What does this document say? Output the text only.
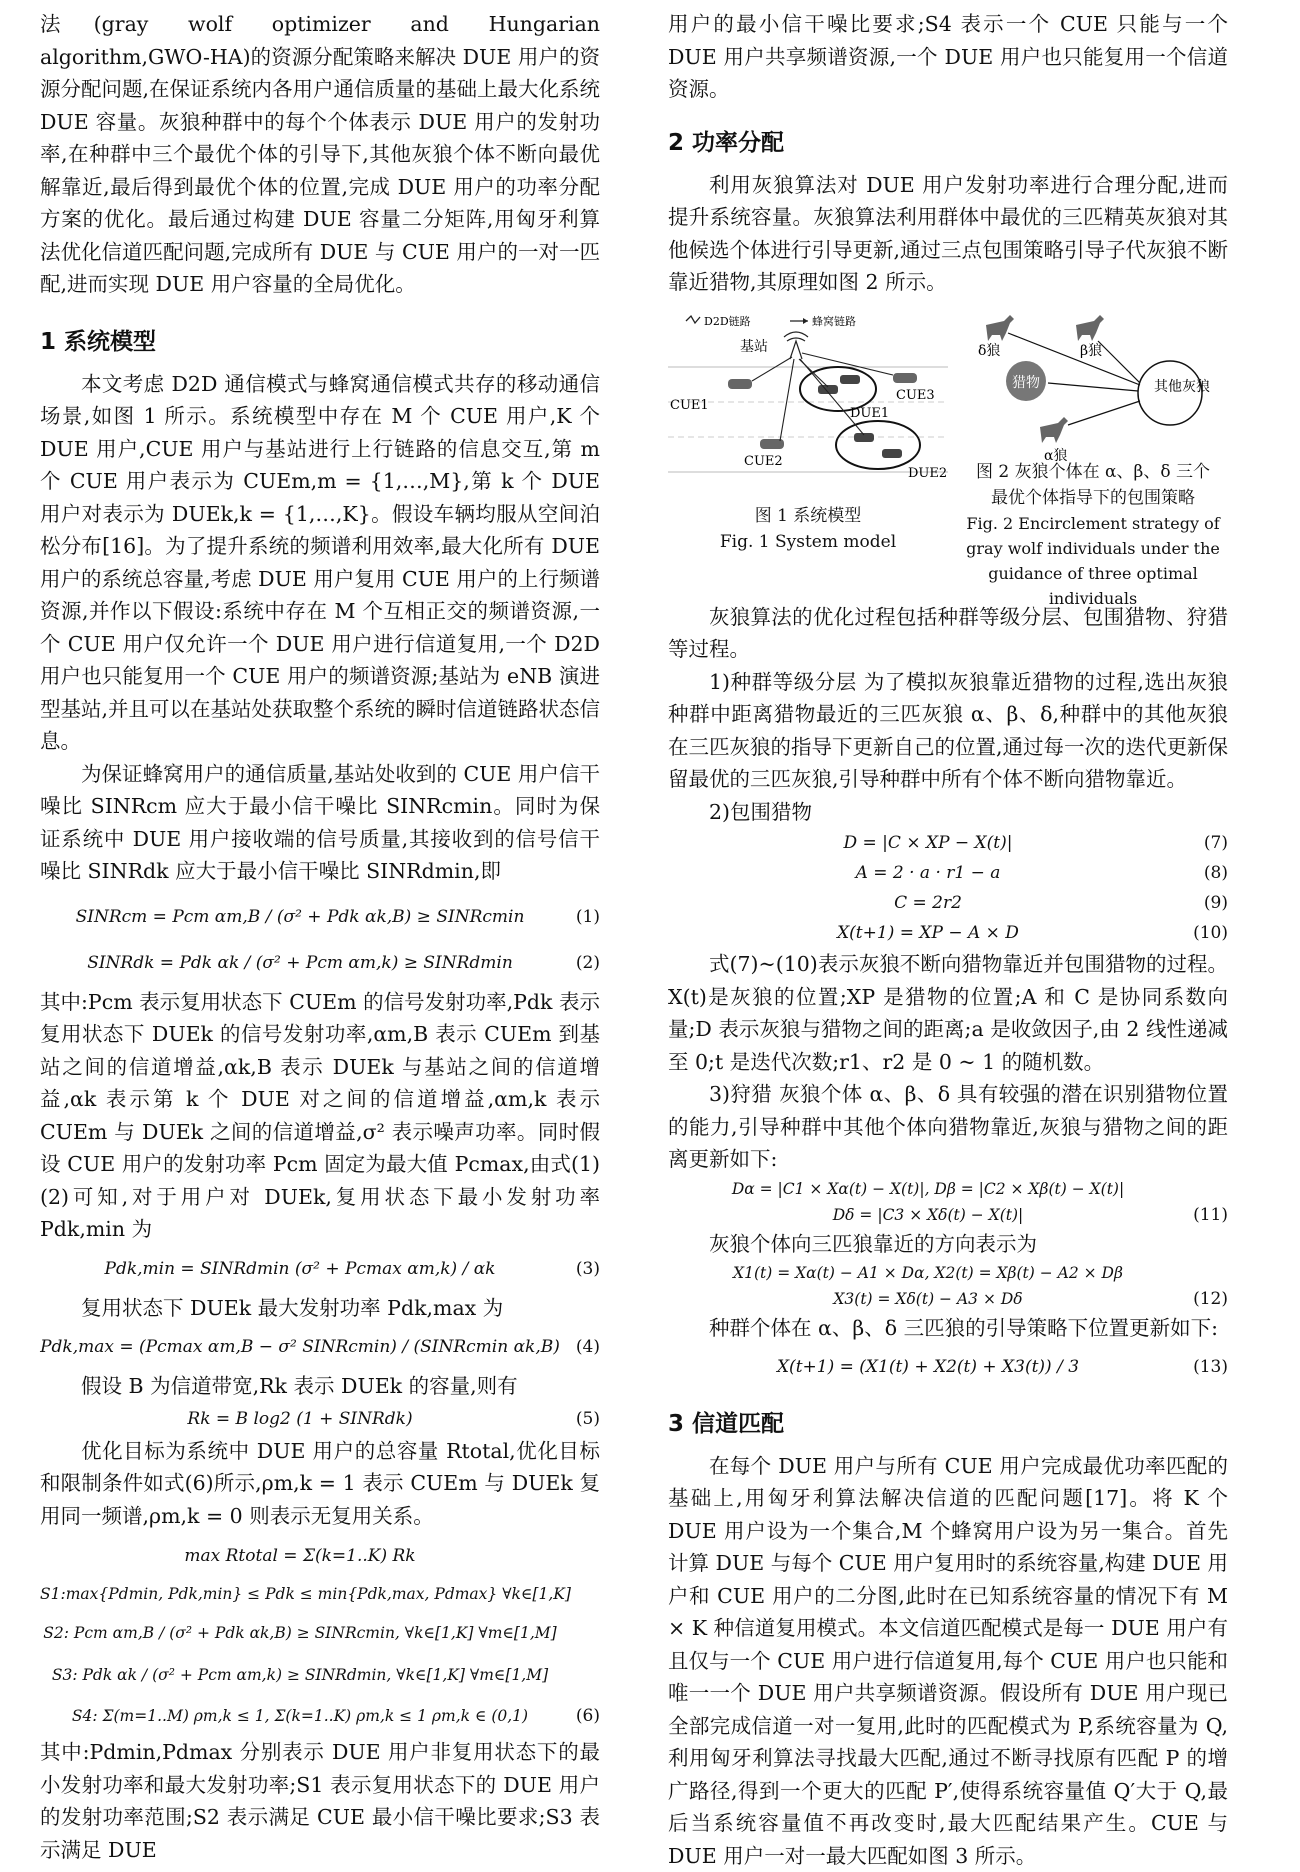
法(gray wolf optimizer and Hungarian algorithm,GWO-HA)的资源分配策略来解决 DUE 用户的资源分配问题,在保证系统内各用户通信质量的基础上最大化系统 DUE 容量。灰狼种群中的每个个体表示 DUE 用户的发射功率,在种群中三个最优个体的引导下,其他灰狼个体不断向最优解靠近,最后得到最优个体的位置,完成 DUE 用户的功率分配方案的优化。最后通过构建 DUE 容量二分矩阵,用匈牙利算法优化信道匹配问题,完成所有 DUE 与 CUE 用户的一对一匹配,进而实现 DUE 用户容量的全局优化。

1 系统模型

本文考虑 D2D 通信模式与蜂窝通信模式共存的移动通信场景,如图 1 所示。系统模型中存在 M 个 CUE 用户,K 个 DUE 用户,CUE 用户与基站进行上行链路的信息交互,第 m 个 CUE 用户表示为 CUEm,m = {1,…,M},第 k 个 DUE 用户对表示为 DUEk,k = {1,…,K}。假设车辆均服从空间泊松分布[16]。为了提升系统的频谱利用效率,最大化所有 DUE 用户的系统总容量,考虑 DUE 用户复用 CUE 用户的上行频谱资源,并作以下假设:系统中存在 M 个互相正交的频谱资源,一个 CUE 用户仅允许一个 DUE 用户进行信道复用,一个 D2D 用户也只能复用一个 CUE 用户的频谱资源;基站为 eNB 演进型基站,并且可以在基站处获取整个系统的瞬时信道链路状态信息。

为保证蜂窝用户的通信质量,基站处收到的 CUE 用户信干噪比 SINRcm 应大于最小信干噪比 SINRcmin。同时为保证系统中 DUE 用户接收端的信号质量,其接收到的信号信干噪比 SINRdk 应大于最小信干噪比 SINRdmin,即

SINRcm = Pcm αm,B / (σ² + Pdk αk,B) ≥ SINRcmin	(1)
SINRdk = Pdk αk / (σ² + Pcm αm,k) ≥ SINRdmin	(2)

其中:Pcm 表示复用状态下 CUEm 的信号发射功率,Pdk 表示复用状态下 DUEk 的信号发射功率,αm,B 表示 CUEm 到基站之间的信道增益,αk,B 表示 DUEk 与基站之间的信道增益,αk 表示第 k 个 DUE 对之间的信道增益,αm,k 表示 CUEm 与 DUEk 之间的信道增益,σ² 表示噪声功率。同时假设 CUE 用户的发射功率 Pcm 固定为最大值 Pcmax,由式(1)(2)可知,对于用户对 DUEk,复用状态下最小发射功率 Pdk,min 为

Pdk,min = SINRdmin (σ² + Pcmax αm,k) / αk	(3)

复用状态下 DUEk 最大发射功率 Pdk,max 为

Pdk,max = (Pcmax αm,B − σ² SINRcmin) / (SINRcmin αk,B) (4)

假设 B 为信道带宽,Rk 表示 DUEk 的容量,则有

Rk = B log2 (1 + SINRdk)	(5)

优化目标为系统中 DUE 用户的总容量 Rtotal,优化目标和限制条件如式(6)所示,ρm,k = 1 表示 CUEm 与 DUEk 复用同一频谱,ρm,k = 0 则表示无复用关系。

max Rtotal = Σ(k=1..K) Rk
S1:max{Pdmin, Pdk,min} ≤ Pdk ≤ min{Pdk,max, Pdmax} ∀k∈[1,K]
S2: Pcm αm,B / (σ² + Pdk αk,B) ≥ SINRcmin, ∀k∈[1,K] ∀m∈[1,M]
S3: Pdk αk / (σ² + Pcm αm,k) ≥ SINRdmin, ∀k∈[1,K] ∀m∈[1,M]
S4: Σ(m=1..M) ρm,k ≤ 1, Σ(k=1..K) ρm,k ≤ 1 ρm,k ∈ (0,1)	(6)

其中:Pdmin,Pdmax 分别表示 DUE 用户非复用状态下的最小发射功率和最大发射功率;S1 表示复用状态下的 DUE 用户的发射功率范围;S2 表示满足 CUE 最小信干噪比要求;S3 表示满足 DUE

用户的最小信干噪比要求;S4 表示一个 CUE 只能与一个 DUE 用户共享频谱资源,一个 DUE 用户也只能复用一个信道资源。

2 功率分配

利用灰狼算法对 DUE 用户发射功率进行合理分配,进而提升系统容量。灰狼算法利用群体中最优的三匹精英灰狼对其他候选个体进行引导更新,通过三点包围策略引导子代灰狼不断靠近猎物,其原理如图 2 所示。

D2D链路	蜂窝链路
基站
CUE1
CUE2
CUE3
DUE1
DUE2
图 1 系统模型
Fig. 1 System model
δ狼	β狼
α狼
猎物	其他灰狼
图 2 灰狼个体在 α、β、δ 三个最优个体指导下的包围策略
Fig. 2 Encirclement strategy of gray wolf individuals under the guidance of three optimal individuals

灰狼算法的优化过程包括种群等级分层、包围猎物、狩猎等过程。

1)种群等级分层 为了模拟灰狼靠近猎物的过程,选出灰狼种群中距离猎物最近的三匹灰狼 α、β、δ,种群中的其他灰狼在三匹灰狼的指导下更新自己的位置,通过每一次的迭代更新保留最优的三匹灰狼,引导种群中所有个体不断向猎物靠近。

2)包围猎物

D = |C × XP − X(t)|	(7)
A = 2 · a · r1 − a	(8)
C = 2r2	(9)
X(t+1) = XP − A × D	(10)

式(7)~(10)表示灰狼不断向猎物靠近并包围猎物的过程。X(t)是灰狼的位置;XP 是猎物的位置;A 和 C 是协同系数向量;D 表示灰狼与猎物之间的距离;a 是收敛因子,由 2 线性递减至 0;t 是迭代次数;r1、r2 是 0 ~ 1 的随机数。

3)狩猎 灰狼个体 α、β、δ 具有较强的潜在识别猎物位置的能力,引导种群中其他个体向猎物靠近,灰狼与猎物之间的距离更新如下:

Dα = |C1 × Xα(t) − X(t)|, Dβ = |C2 × Xβ(t) − X(t)|
Dδ = |C3 × Xδ(t) − X(t)|	(11)

灰狼个体向三匹狼靠近的方向表示为

X1(t) = Xα(t) − A1 × Dα, X2(t) = Xβ(t) − A2 × Dβ
X3(t) = Xδ(t) − A3 × Dδ	(12)

种群个体在 α、β、δ 三匹狼的引导策略下位置更新如下:

X(t+1) = (X1(t) + X2(t) + X3(t)) / 3	(13)
3 信道匹配

在每个 DUE 用户与所有 CUE 用户完成最优功率匹配的基础上,用匈牙利算法解决信道的匹配问题[17]。将 K 个 DUE 用户设为一个集合,M 个蜂窝用户设为另一集合。首先计算 DUE 与每个 CUE 用户复用时的系统容量,构建 DUE 用户和 CUE 用户的二分图,此时在已知系统容量的情况下有 M × K 种信道复用模式。本文信道匹配模式是每一 DUE 用户有且仅与一个 CUE 用户进行信道复用,每个 CUE 用户也只能和唯一一个 DUE 用户共享频谱资源。假设所有 DUE 用户现已全部完成信道一对一复用,此时的匹配模式为 P,系统容量为 Q,利用匈牙利算法寻找最大匹配,通过不断寻找原有匹配 P 的增广路径,得到一个更大的匹配 P′,使得系统容量值 Q′大于 Q,最后当系统容量值不再改变时,最大匹配结果产生。CUE 与 DUE 用户一对一最大匹配如图 3 所示。
